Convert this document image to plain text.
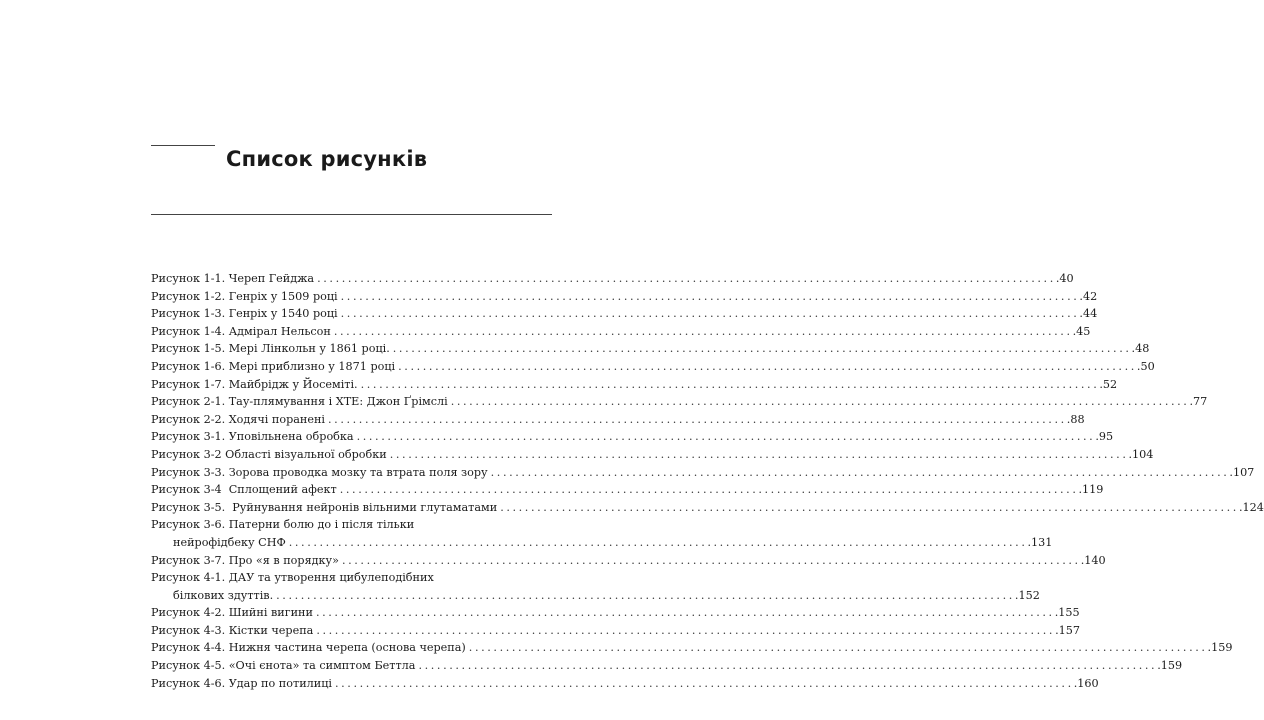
Список рисунків
Рисунок 1-1. Череп Гейджа ........................................................................................................................ .40
Рисунок 1-2. Генріх у 1509 році ........................................................................................................................ .42
Рисунок 1-3. Генріх у 1540 році ........................................................................................................................ .44
Рисунок 1-4. Адмірал Нельсон ........................................................................................................................ .45
Рисунок 1-5. Мері Лінкольн у 1861 році. ........................................................................................................................ .48
Рисунок 1-6. Мері приблизно у 1871 році ........................................................................................................................ .50
Рисунок 1-7. Майбрідж у Йосеміті. ........................................................................................................................ .52
Рисунок 2-1. Тау-плямування і ХТЕ: Джон Ґрімслі ........................................................................................................................ .77
Рисунок 2-2. Ходячі поранені ........................................................................................................................ .88
Рисунок 3-1. Уповільнена обробка ........................................................................................................................ .95
Рисунок 3-2 Області візуальної обробки ........................................................................................................................ .104
Рисунок 3-3. Зорова проводка мозку та втрата поля зору ........................................................................................................................ .107
Рисунок 3-4  Сплощений афект ........................................................................................................................ .119
Рисунок 3-5.  Руйнування нейронів вільними глутаматами ........................................................................................................................ .124
Рисунок 3-6. Патерни болю до і після тільки
нейрофідбеку СНФ ........................................................................................................................ .131
Рисунок 3-7. Про «я в порядку» ........................................................................................................................ .140
Рисунок 4-1. ДАУ та утворення цибулеподібних
білкових здуттів. ........................................................................................................................ .152
Рисунок 4-2. Шийні вигини ........................................................................................................................ .155
Рисунок 4-3. Кістки черепа ........................................................................................................................ .157
Рисунок 4-4. Нижня частина черепа (основа черепа) ........................................................................................................................ .159
Рисунок 4-5. «Очі єнота» та симптом Беттла ........................................................................................................................ .159
Рисунок 4-6. Удар по потилиці ........................................................................................................................ .160
